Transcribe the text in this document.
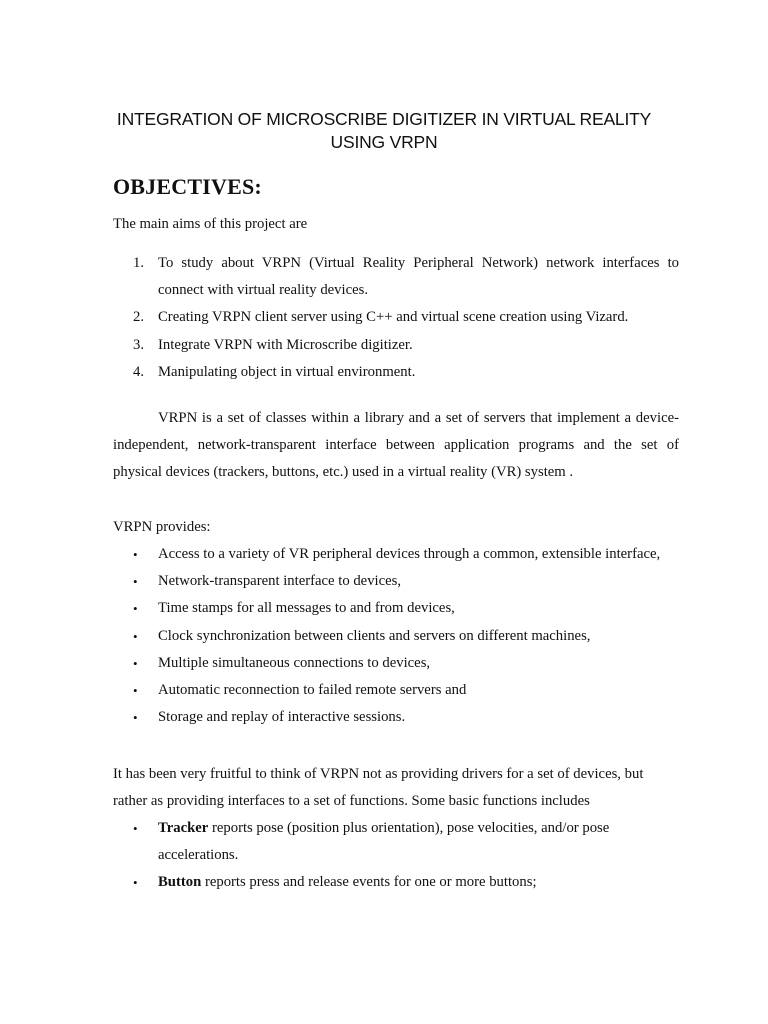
INTEGRATION OF MICROSCRIBE DIGITIZER IN VIRTUAL REALITY
USING VRPN
OBJECTIVES:
The main aims of this project are
1. To study about VRPN (Virtual Reality Peripheral Network) network interfaces to connect with virtual reality devices.
2. Creating VRPN client server using C++ and virtual scene creation using Vizard.
3. Integrate VRPN with Microscribe digitizer.
4. Manipulating object in virtual environment.
VRPN is a set of classes within a library and a set of servers that implement a device-independent, network-transparent interface between application programs and the set of physical devices (trackers, buttons, etc.) used in a virtual reality (VR) system .
VRPN provides:
• Access to a variety of VR peripheral devices through a common, extensible interface,
• Network-transparent interface to devices,
• Time stamps for all messages to and from devices,
• Clock synchronization between clients and servers on different machines,
• Multiple simultaneous connections to devices,
• Automatic reconnection to failed remote servers and
• Storage and replay of interactive sessions.
It has been very fruitful to think of VRPN not as providing drivers for a set of devices, but rather as providing interfaces to a set of functions. Some basic functions includes
• Tracker reports pose (position plus orientation), pose velocities, and/or pose accelerations.
• Button reports press and release events for one or more buttons;
